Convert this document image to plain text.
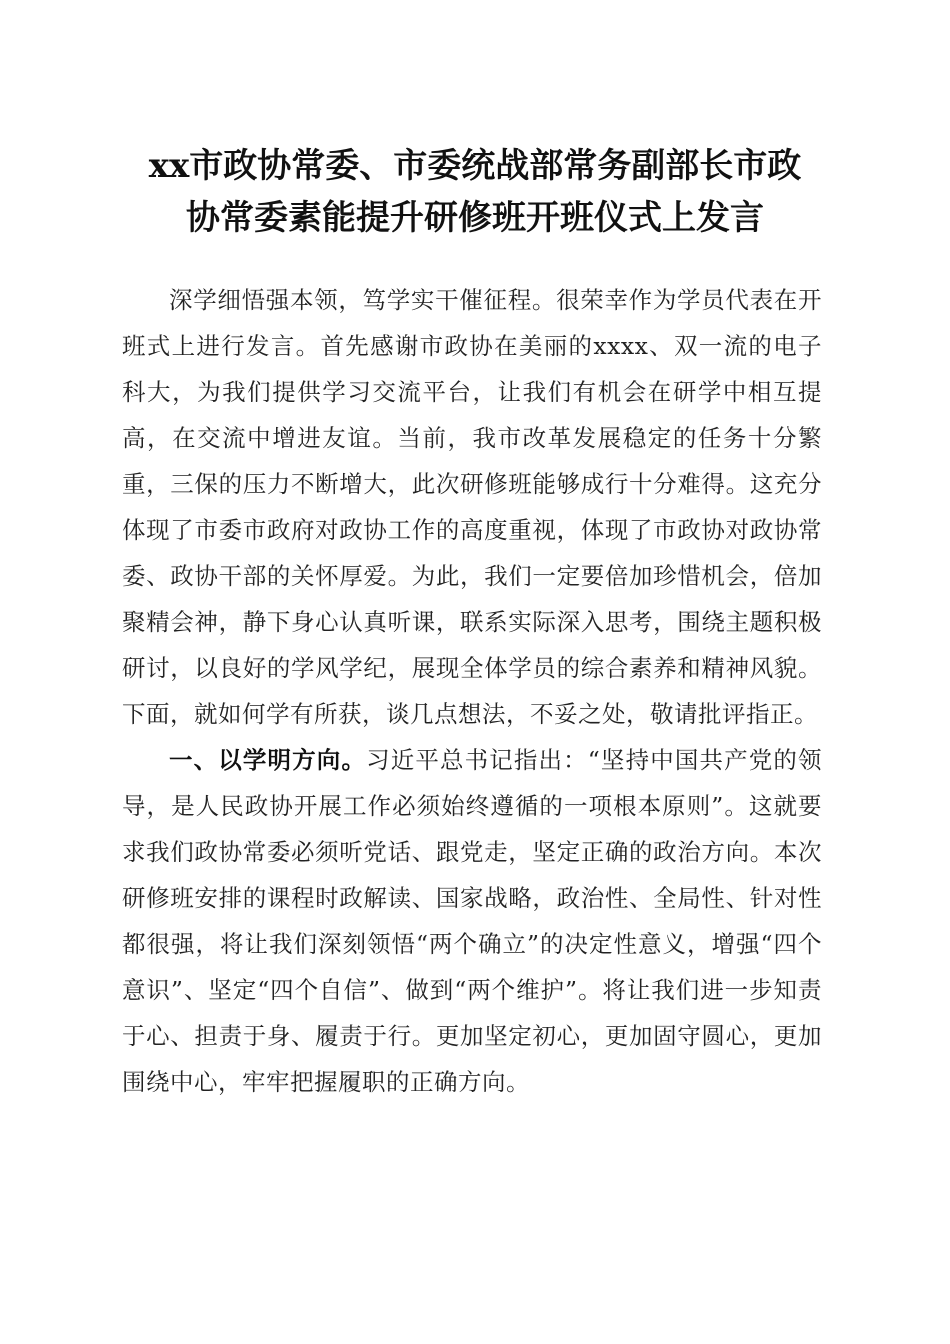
xx市政协常委、市委统战部常务副部长市政
协常委素能提升研修班开班仪式上发言

深学细悟强本领，笃学实干催征程。很荣幸作为学员代表在开班式上进行发言。首先感谢市政协在美丽的xxxx、双一流的电子科大，为我们提供学习交流平台，让我们有机会在研学中相互提高，在交流中增进友谊。当前，我市改革发展稳定的任务十分繁重，三保的压力不断增大，此次研修班能够成行十分难得。这充分体现了市委市政府对政协工作的高度重视，体现了市政协对政协常委、政协干部的关怀厚爱。为此，我们一定要倍加珍惜机会，倍加聚精会神，静下身心认真听课，联系实际深入思考，围绕主题积极研讨，以良好的学风学纪，展现全体学员的综合素养和精神风貌。下面，就如何学有所获，谈几点想法，不妥之处，敬请批评指正。

一、以学明方向。习近平总书记指出：“坚持中国共产党的领导，是人民政协开展工作必须始终遵循的一项根本原则”。这就要求我们政协常委必须听党话、跟党走，坚定正确的政治方向。本次研修班安排的课程时政解读、国家战略，政治性、全局性、针对性都很强，将让我们深刻领悟“两个确立”的决定性意义，增强“四个意识”、坚定“四个自信”、做到“两个维护”。将让我们进一步知责于心、担责于身、履责于行。更加坚定初心，更加固守圆心，更加围绕中心，牢牢把握履职的正确方向。
